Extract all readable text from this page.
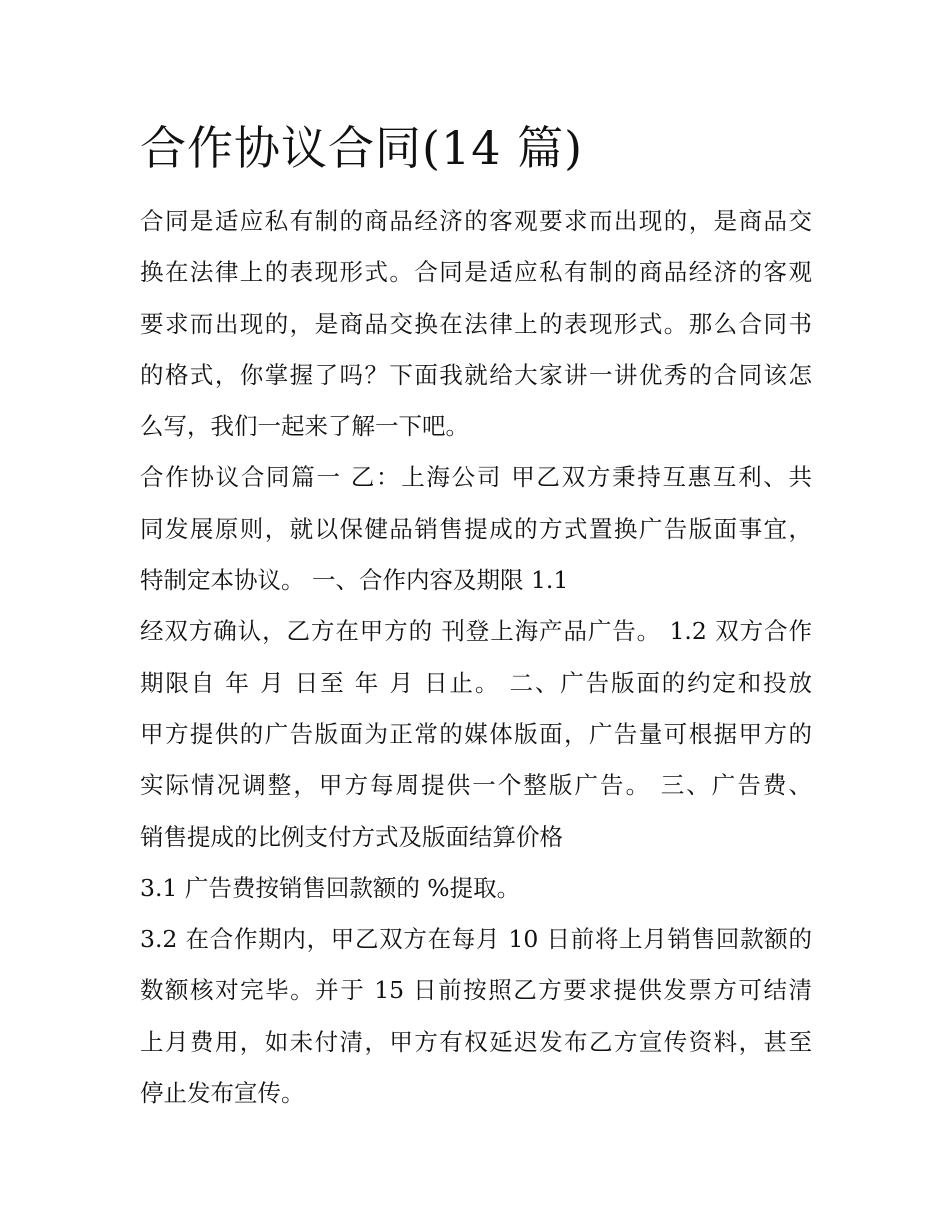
合作协议合同(14 篇)

合同是适应私有制的商品经济的客观要求而出现的，是商品交
换在法律上的表现形式。合同是适应私有制的商品经济的客观
要求而出现的，是商品交换在法律上的表现形式。那么合同书
的格式，你掌握了吗？下面我就给大家讲一讲优秀的合同该怎
么写，我们一起来了解一下吧。

合作协议合同篇一 乙：上海公司 甲乙双方秉持互惠互利、共
同发展原则，就以保健品销售提成的方式置换广告版面事宜，
特制定本协议。 一、合作内容及期限 1.1

经双方确认，乙方在甲方的 刊登上海产品广告。 1.2 双方合作
期限自 年 月 日至 年 月 日止。 二、广告版面的约定和投放

甲方提供的广告版面为正常的媒体版面，广告量可根据甲方的
实际情况调整，甲方每周提供一个整版广告。 三、广告费、
销售提成的比例支付方式及版面结算价格

3.1 广告费按销售回款额的 %提取。

3.2 在合作期内，甲乙双方在每月 10 日前将上月销售回款额的
数额核对完毕。并于 15 日前按照乙方要求提供发票方可结清
上月费用，如未付清，甲方有权延迟发布乙方宣传资料，甚至
停止发布宣传。
